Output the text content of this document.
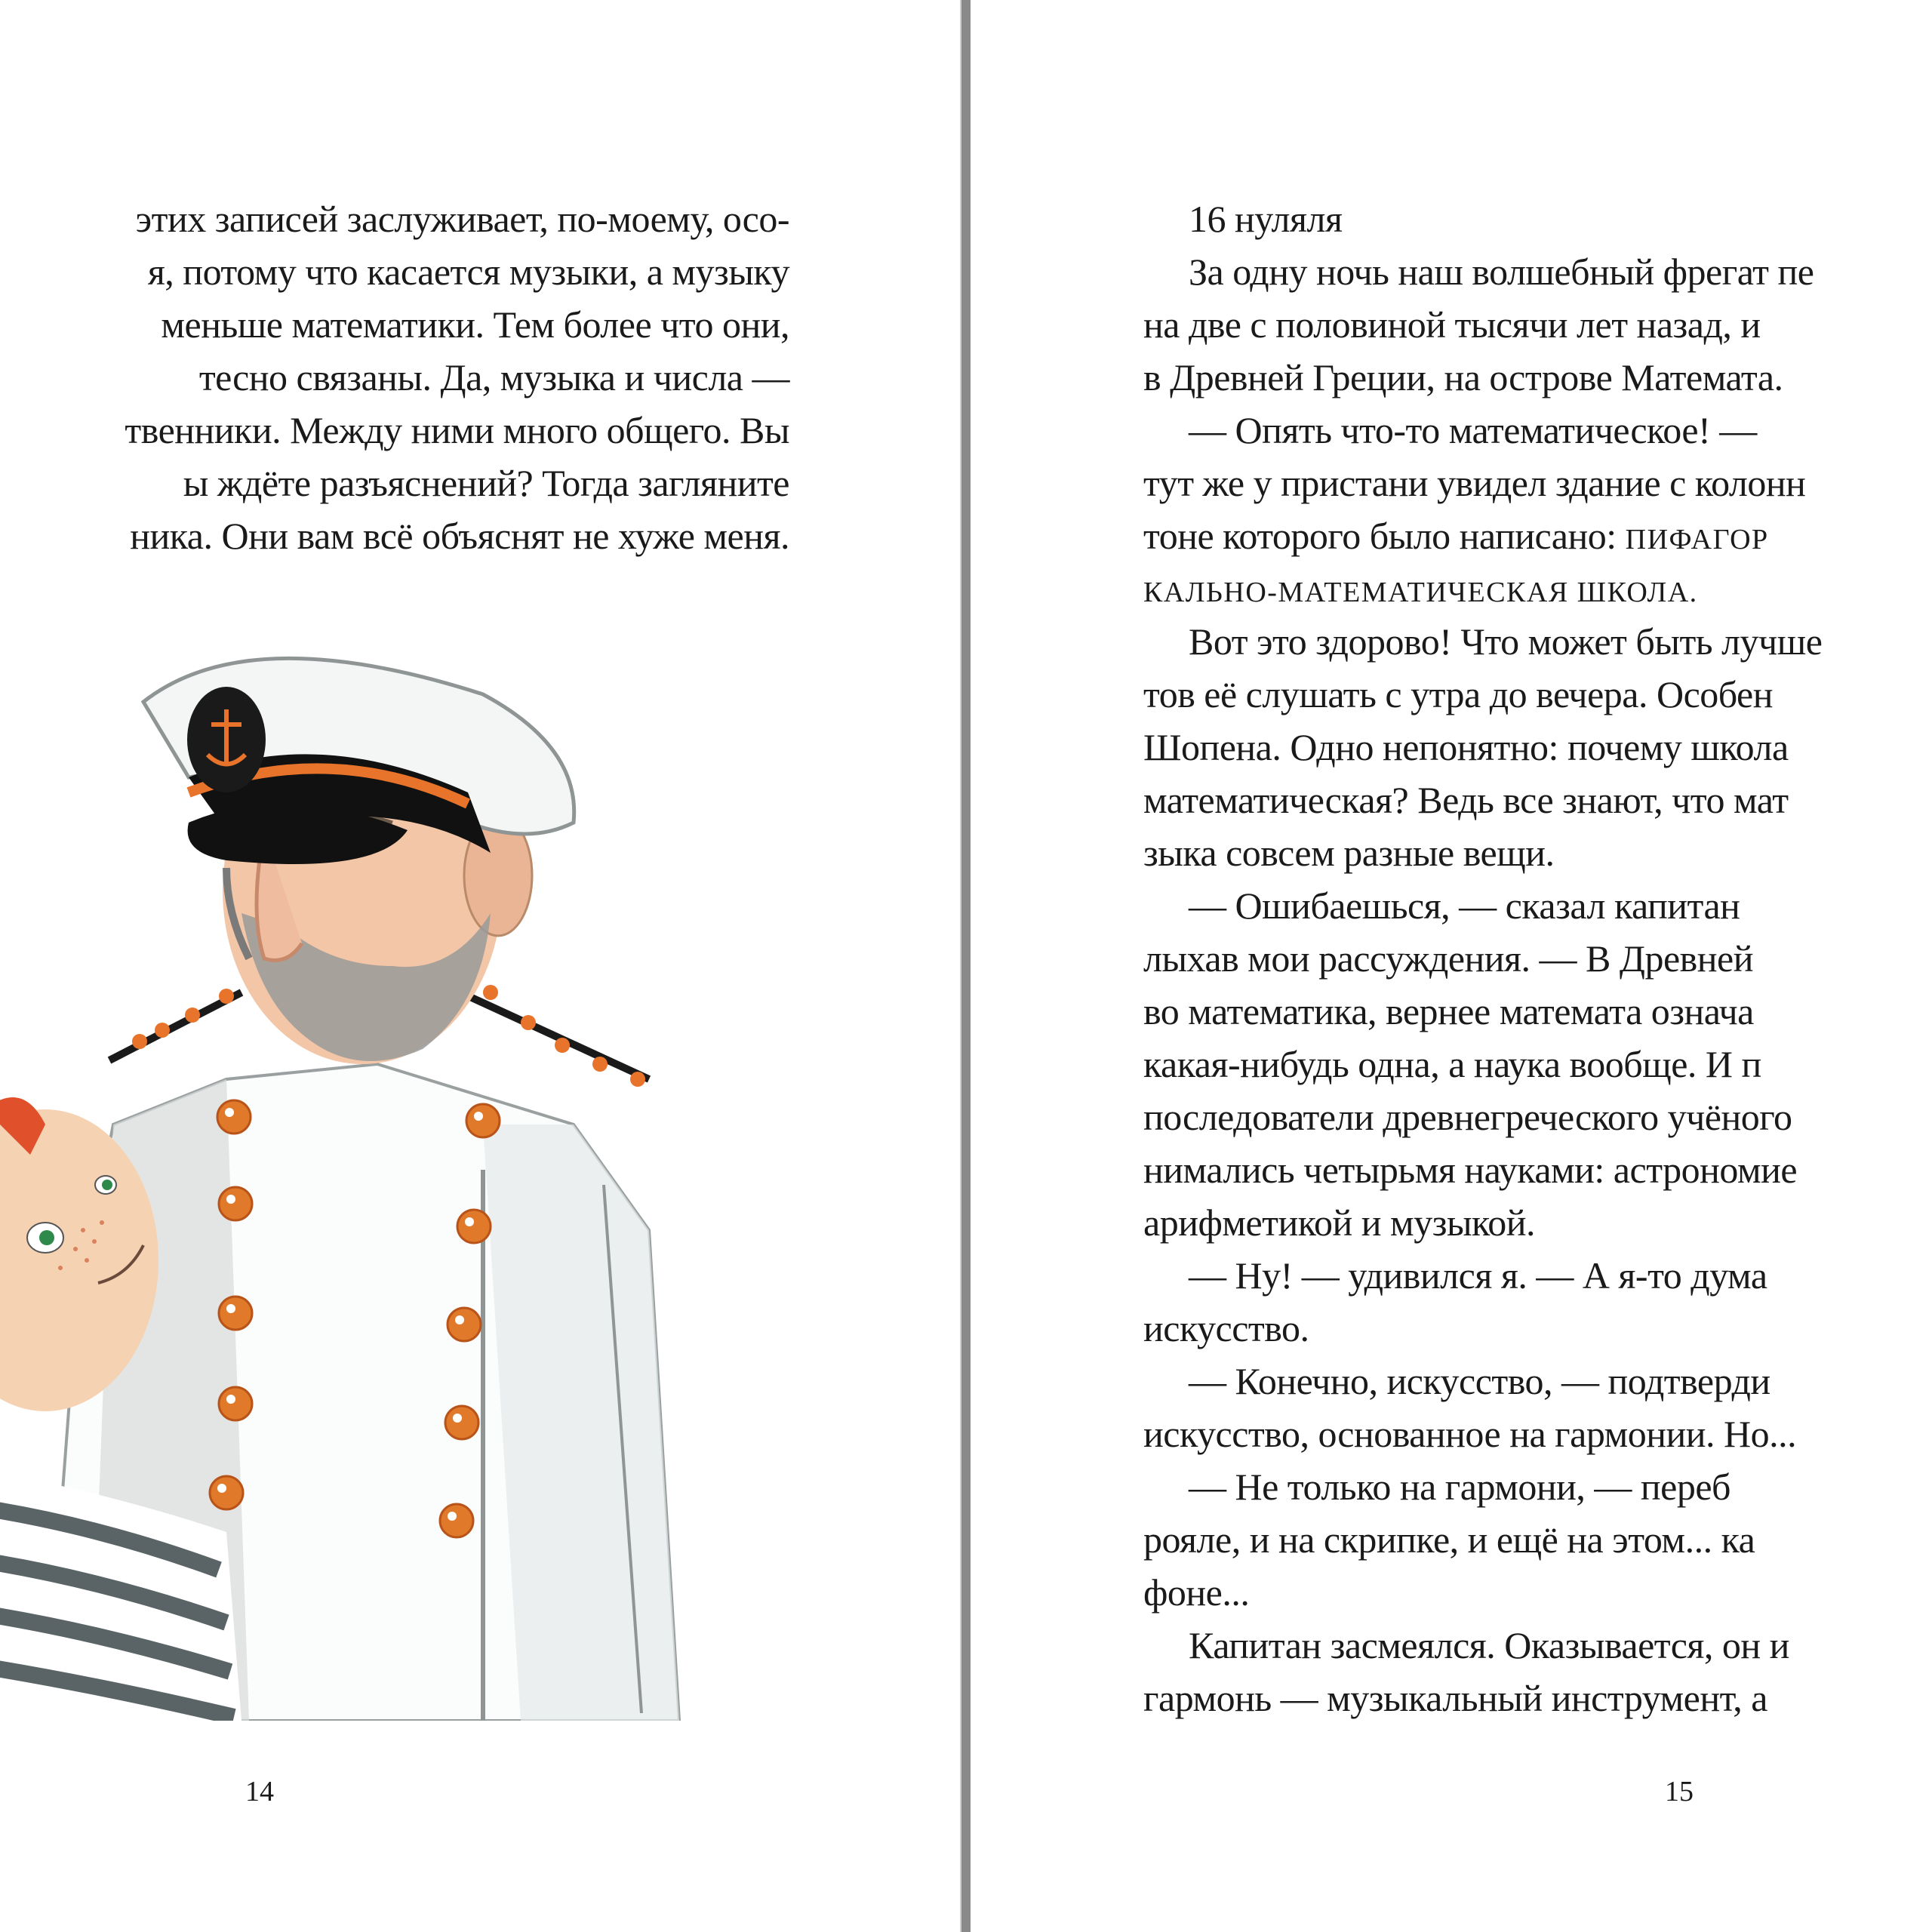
этих записей заслуживает, по-моему, осо-
я, потому что касается музыки, а музыку
меньше математики. Тем более что они,
тесно связаны. Да, музыка и числа —
твенники. Между ними много общего. Вы
ы ждёте разъяснений? Тогда загляните
ника. Они вам всё объяснят не хуже меня.
14
16 нуляля
За одну ночь наш волшебный фрегат пе
на две с половиной тысячи лет назад, и
в Древней Греции, на острове Математа.
— Опять что-то математическое! —
тут же у пристани увидел здание с колонн
тоне которого было написано: ПИФАГОР
КАЛЬНО-МАТЕМАТИЧЕСКАЯ ШКОЛА.
Вот это здорово! Что может быть лучше
тов её слушать с утра до вечера. Особен
Шопена. Одно непонятно: почему школа
математическая? Ведь все знают, что мат
зыка совсем разные вещи.
— Ошибаешься, — сказал капитан
лыхав мои рассуждения. — В Древней
во математика, вернее математа означа
какая-нибудь одна, а наука вообще. И п
последователи древнегреческого учёного
нимались четырьмя науками: астрономие
арифметикой и музыкой.
— Ну! — удивился я. — А я-то дума
искусство.
— Конечно, искусство, — подтверди
искусство, основанное на гармонии. Но...
— Не только на гармони, — переб
рояле, и на скрипке, и ещё на этом... ка
фоне...
Капитан засмеялся. Оказывается, он и
гармонь — музыкальный инструмент, а
15
